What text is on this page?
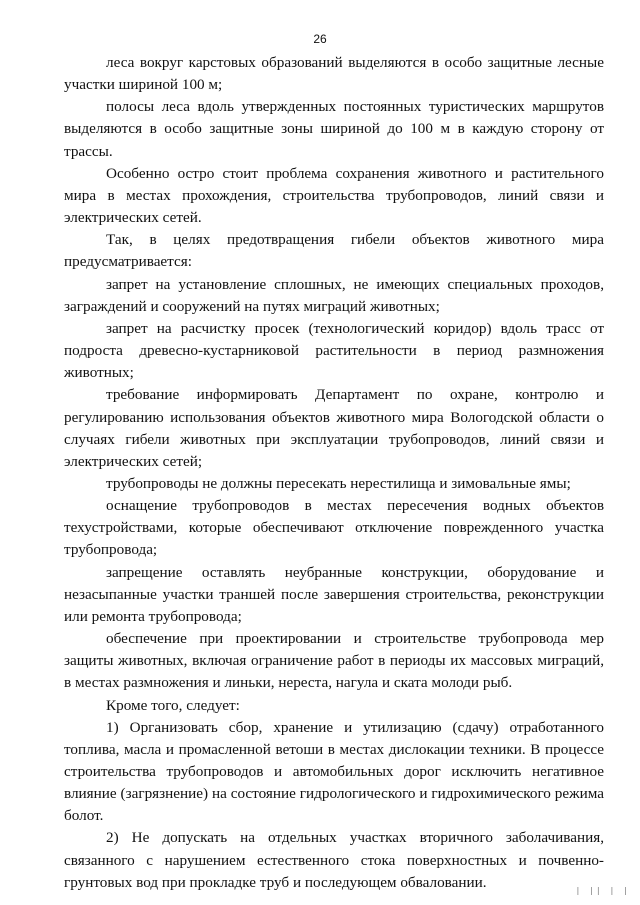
26

леса вокруг карстовых образований выделяются в особо защитные лесные участки шириной 100 м;

полосы леса вдоль утвержденных постоянных туристических маршрутов выделяются в особо защитные зоны шириной до 100 м в каждую сторону от трассы.

Особенно остро стоит проблема сохранения животного и растительного мира в местах прохождения, строительства трубопроводов, линий связи и электрических сетей.

Так, в целях предотвращения гибели объектов животного мира предусматривается:

запрет на установление сплошных, не имеющих специальных проходов, заграждений и сооружений на путях миграций животных;

запрет на расчистку просек (технологический коридор) вдоль трасс от подроста древесно-кустарниковой растительности в период размножения животных;

требование информировать Департамент по охране, контролю и регулированию использования объектов животного мира Вологодской области о случаях гибели животных при эксплуатации трубопроводов, линий связи и электрических сетей;

трубопроводы не должны пересекать нерестилища и зимовальные ямы;

оснащение трубопроводов в местах пересечения водных объектов техустройствами, которые обеспечивают отключение поврежденного участка трубопровода;

запрещение оставлять неубранные конструкции, оборудование и незасыпанные участки траншей после завершения строительства, реконструкции или ремонта трубопровода;

обеспечение при проектировании и строительстве трубопровода мер защиты животных, включая ограничение работ в периоды их массовых миграций, в местах размножения и линьки, нереста, нагула и ската молоди рыб.

Кроме того, следует:

1) Организовать сбор, хранение и утилизацию (сдачу) отработанного топлива, масла и промасленной ветоши в местах дислокации техники. В процессе строительства трубопроводов и автомобильных дорог исключить негативное влияние (загрязнение) на состояние гидрологического и гидрохимического режима болот.

2) Не допускать на отдельных участках вторичного заболачивания, связанного с нарушением естественного стока поверхностных и почвенно-грунтовых вод при прокладке труб и последующем обваловании.	| || | |
